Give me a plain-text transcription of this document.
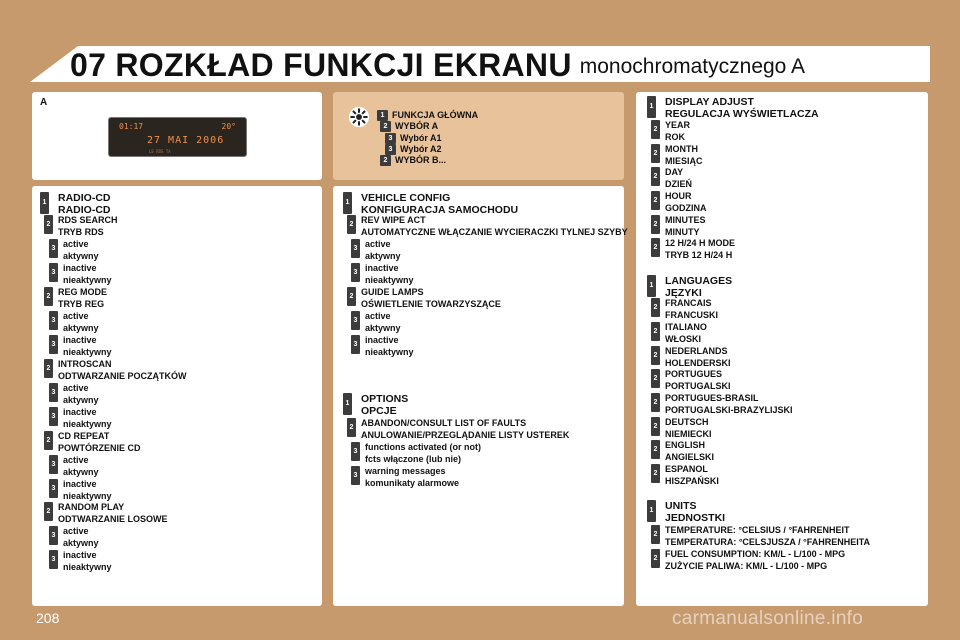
07 ROZKŁAD FUNKCJI EKRANU monochromatycznego A
A
01:17	20°
27 MAI 2006
LE RDS TA
1 FUNKCJA GŁÓWNA
2 WYBÓR A
3 Wybór A1
3 Wybór A2
2 WYBÓR B...
1 RADIO-CD
RADIO-CD
2 RDS SEARCH
TRYB RDS
3 active
aktywny
3 inactive
nieaktywny
2 REG MODE
TRYB REG
3 active
aktywny
3 inactive
nieaktywny
2 INTROSCAN
ODTWARZANIE POCZĄTKÓW
3 active
aktywny
3 inactive
nieaktywny
2 CD REPEAT
POWTÓRZENIE CD
3 active
aktywny
3 inactive
nieaktywny
2 RANDOM PLAY
ODTWARZANIE LOSOWE
3 active
aktywny
3 inactive
nieaktywny
1 VEHICLE CONFIG
KONFIGURACJA SAMOCHODU
2 REV WIPE ACT
AUTOMATYCZNE WŁĄCZANIE WYCIERACZKI TYLNEJ SZYBY
3 active
aktywny
3 inactive
nieaktywny
2 GUIDE LAMPS
OŚWIETLENIE TOWARZYSZĄCE
3 active
aktywny
3 inactive
nieaktywny
1 OPTIONS
OPCJE
2 ABANDON/CONSULT LIST OF FAULTS
ANULOWANIE/PRZEGLĄDANIE LISTY USTEREK
3 functions activated (or not)
fcts włączone (lub nie)
3 warning messages
komunikaty alarmowe
1 DISPLAY ADJUST
REGULACJA WYŚWIETLACZA
2 YEAR
ROK
2 MONTH
MIESIĄC
2 DAY
DZIEŃ
2 HOUR
GODZINA
2 MINUTES
MINUTY
2 12 H/24 H MODE
TRYB 12 H/24 H
1 LANGUAGES
JĘZYKI
2 FRANCAIS
FRANCUSKI
2 ITALIANO
WŁOSKI
2 NEDERLANDS
HOLENDERSKI
2 PORTUGUES
PORTUGALSKI
2 PORTUGUES-BRASIL
PORTUGALSKI-BRAZYLIJSKI
2 DEUTSCH
NIEMIECKI
2 ENGLISH
ANGIELSKI
2 ESPANOL
HISZPAŃSKI
1 UNITS
JEDNOSTKI
2 TEMPERATURE: °CELSIUS / °FAHRENHEIT
TEMPERATURA: °CELSJUSZA / °FAHRENHEITA
2 FUEL CONSUMPTION: KM/L - L/100 - MPG
ZUŻYCIE PALIWA: KM/L - L/100 - MPG
208	carmanualsonline.info
